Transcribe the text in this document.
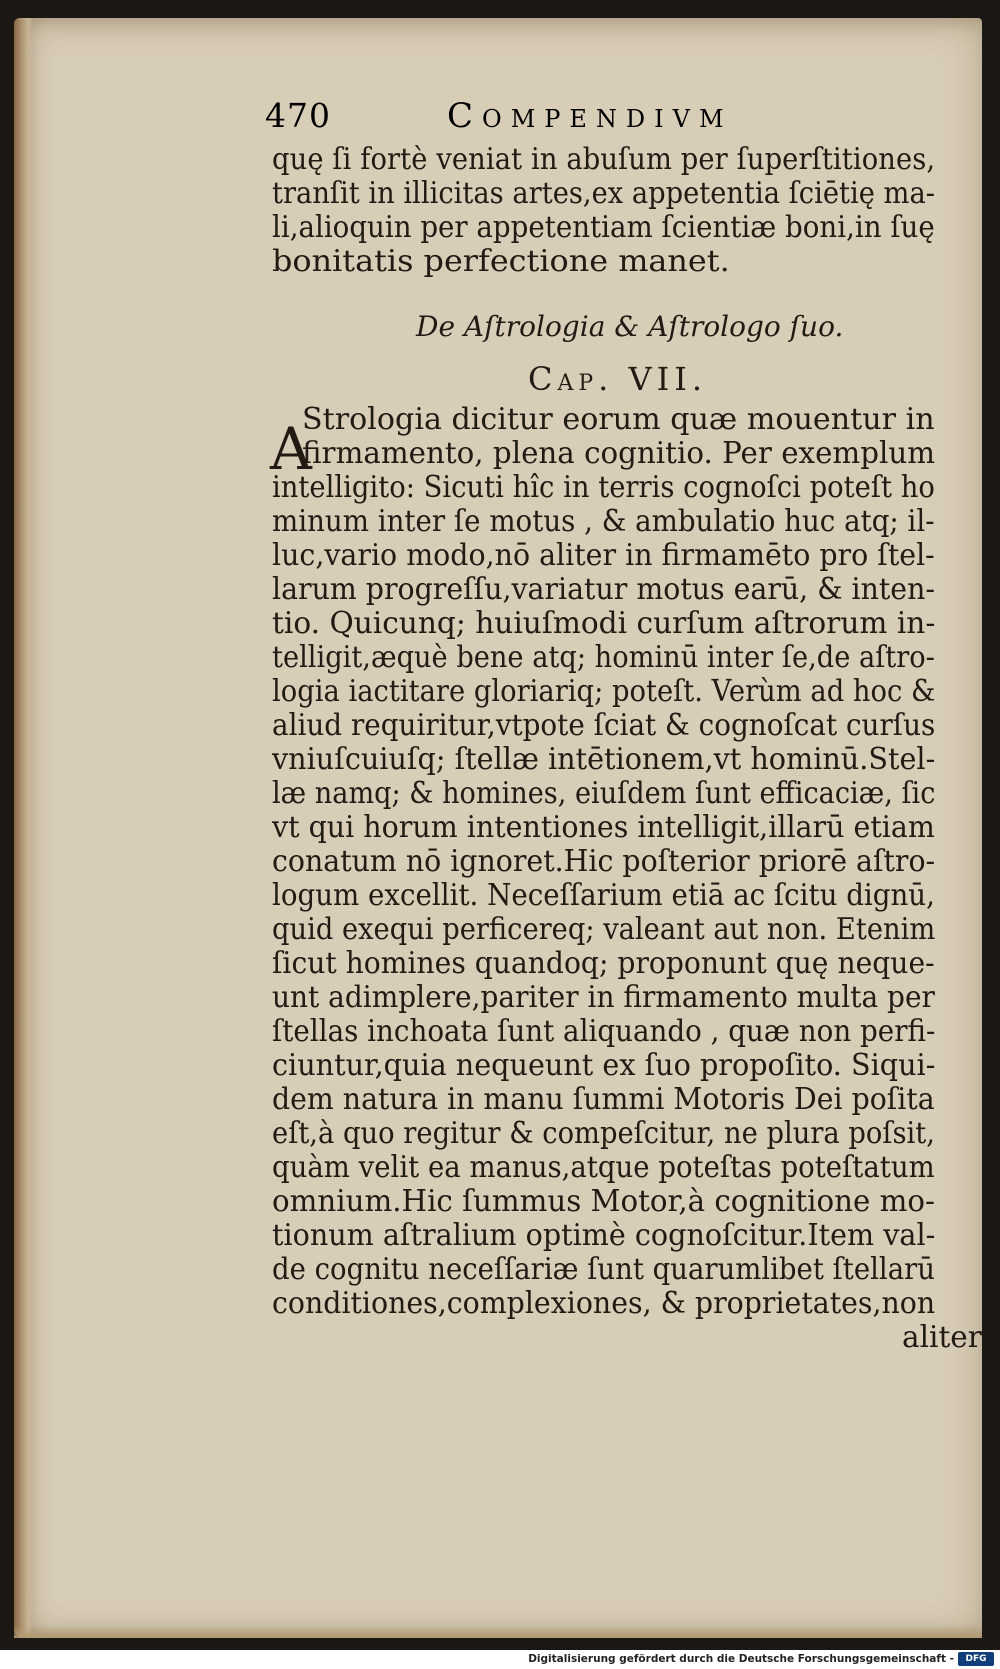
470	Compendivm
quę ſi fortè veniat in abuſum per ſuperſtitiones,
tranſit in illicitas artes,ex appetentia ſciētię ma-
li,alioquin per appetentiam ſcientiæ boni,in ſuę
bonitatis perfectione manet.
De Aſtrologia & Aſtrologo ſuo.
Cap. VII.
A
Strologia dicitur eorum quæ mouentur in
firmamento, plena cognitio. Per exemplum
intelligito: Sicuti hîc in terris cognoſci poteſt ho
minum inter ſe motus , & ambulatio huc atq; il-
luc,vario modo,nō aliter in firmamēto pro ſtel-
larum progreſſu,variatur motus earū, & inten-
tio. Quicunq; huiuſmodi curſum aſtrorum in-
telligit,æquè bene atq; hominū inter ſe,de aſtro-
logia iactitare gloriariq; poteſt. Verùm ad hoc &
aliud requiritur,vtpote ſciat & cognoſcat curſus
vniuſcuiuſq; ſtellæ intētionem,vt hominū.Stel-
læ namq; & homines, eiuſdem ſunt efficaciæ, ſic
vt qui horum intentiones intelligit,illarū etiam
conatum nō ignoret.Hic poſterior priorē aſtro-
logum excellit. Neceſſarium etiā ac ſcitu dignū,
quid exequi perficereq; valeant aut non. Etenim
ſicut homines quandoq; proponunt quę neque-
unt adimplere,pariter in firmamento multa per
ſtellas inchoata ſunt aliquando , quæ non perfi-
ciuntur,quia nequeunt ex ſuo propoſito. Siqui-
dem natura in manu ſummi Motoris Dei poſita
eſt,à quo regitur & compeſcitur, ne plura poſsit,
quàm velit ea manus,atque poteſtas poteſtatum
omnium.Hic ſummus Motor,à cognitione mo-
tionum aſtralium optimè cognoſcitur.Item val-
de cognitu neceſſariæ ſunt quarumlibet ſtellarū
conditiones,complexiones, & proprietates,non
aliter
Digitalisierung gefördert durch die Deutsche Forschungsgemeinschaft -	DFG
